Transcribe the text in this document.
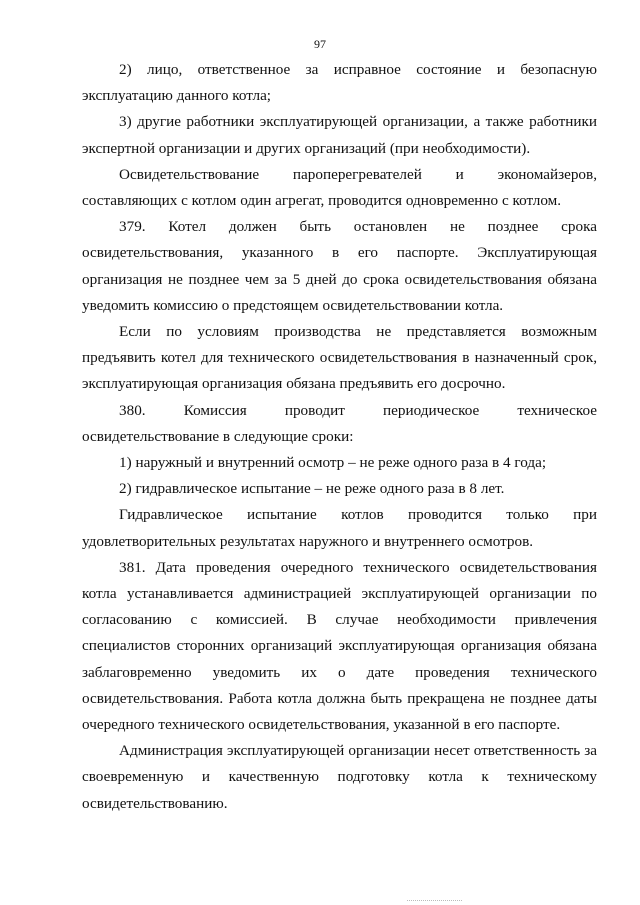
97

2) лицо, ответственное за исправное состояние и безопасную эксплуатацию данного котла;

3) другие работники эксплуатирующей организации, а также работники экспертной организации и других организаций (при необходимости).

Освидетельствование пароперегревателей и экономайзеров, составляющих с котлом один агрегат, проводится одновременно с котлом.

379. Котел должен быть остановлен не позднее срока освидетельствования, указанного в его паспорте. Эксплуатирующая организация не позднее чем за 5 дней до срока освидетельствования обязана уведомить комиссию о предстоящем освидетельствовании котла.

Если по условиям производства не представляется возможным предъявить котел для технического освидетельствования в назначенный срок, эксплуатирующая организация обязана предъявить его досрочно.

380. Комиссия проводит периодическое техническое освидетельствование в следующие сроки:

1) наружный и внутренний осмотр – не реже одного раза в 4 года;

2) гидравлическое испытание – не реже одного раза в 8 лет.

Гидравлическое испытание котлов проводится только при удовлетворительных результатах наружного и внутреннего осмотров.

381. Дата проведения очередного технического освидетельствования котла устанавливается администрацией эксплуатирующей организации по согласованию с комиссией. В случае необходимости привлечения специалистов сторонних организаций эксплуатирующая организация обязана заблаговременно уведомить их о дате проведения технического освидетельствования. Работа котла должна быть прекращена не позднее даты очередного технического освидетельствования, указанной в его паспорте.

Администрация эксплуатирующей организации несет ответственность за своевременную и качественную подготовку котла к техническому освидетельствованию.
